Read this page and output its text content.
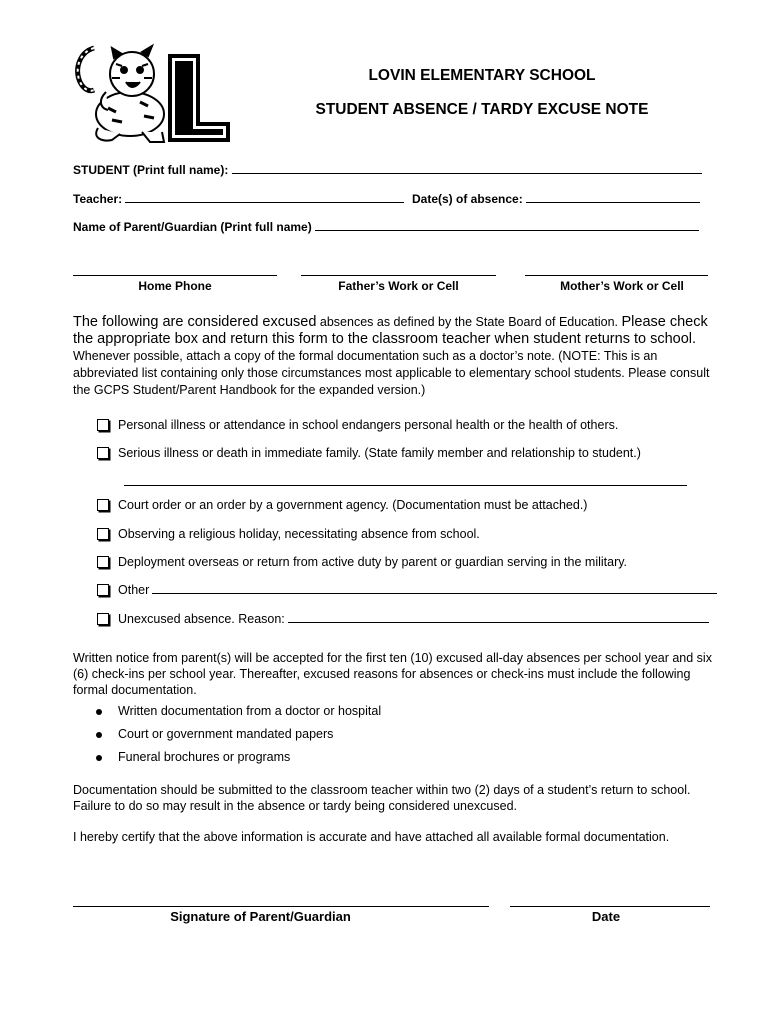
LOVIN ELEMENTARY SCHOOL
STUDENT ABSENCE / TARDY EXCUSE NOTE
STUDENT (Print full name):
Teacher:	Date(s) of absence:
Name of Parent/Guardian (Print full name)
Home Phone	Father’s Work or Cell	Mother’s Work or Cell
The following are considered excused absences as defined by the State Board of Education. Please check the appropriate box and return this form to the classroom teacher when student returns to school. Whenever possible, attach a copy of the formal documentation such as a doctor’s note. (NOTE: This is an abbreviated list containing only those circumstances most applicable to elementary school students. Please consult the GCPS Student/Parent Handbook for the expanded version.)
Personal illness or attendance in school endangers personal health or the health of others.
Serious illness or death in immediate family. (State family member and relationship to student.)
Court order or an order by a government agency. (Documentation must be attached.)
Observing a religious holiday, necessitating absence from school.
Deployment overseas or return from active duty by parent or guardian serving in the military.
Other
Unexcused absence. Reason:
Written notice from parent(s) will be accepted for the first ten (10) excused all-day absences per school year and six (6) check-ins per school year. Thereafter, excused reasons for absences or check-ins must include the following formal documentation.
Written documentation from a doctor or hospital
Court or government mandated papers
Funeral brochures or programs
Documentation should be submitted to the classroom teacher within two (2) days of a student’s return to school. Failure to do so may result in the absence or tardy being considered unexcused.
I hereby certify that the above information is accurate and have attached all available formal documentation.
Signature of Parent/Guardian	Date
